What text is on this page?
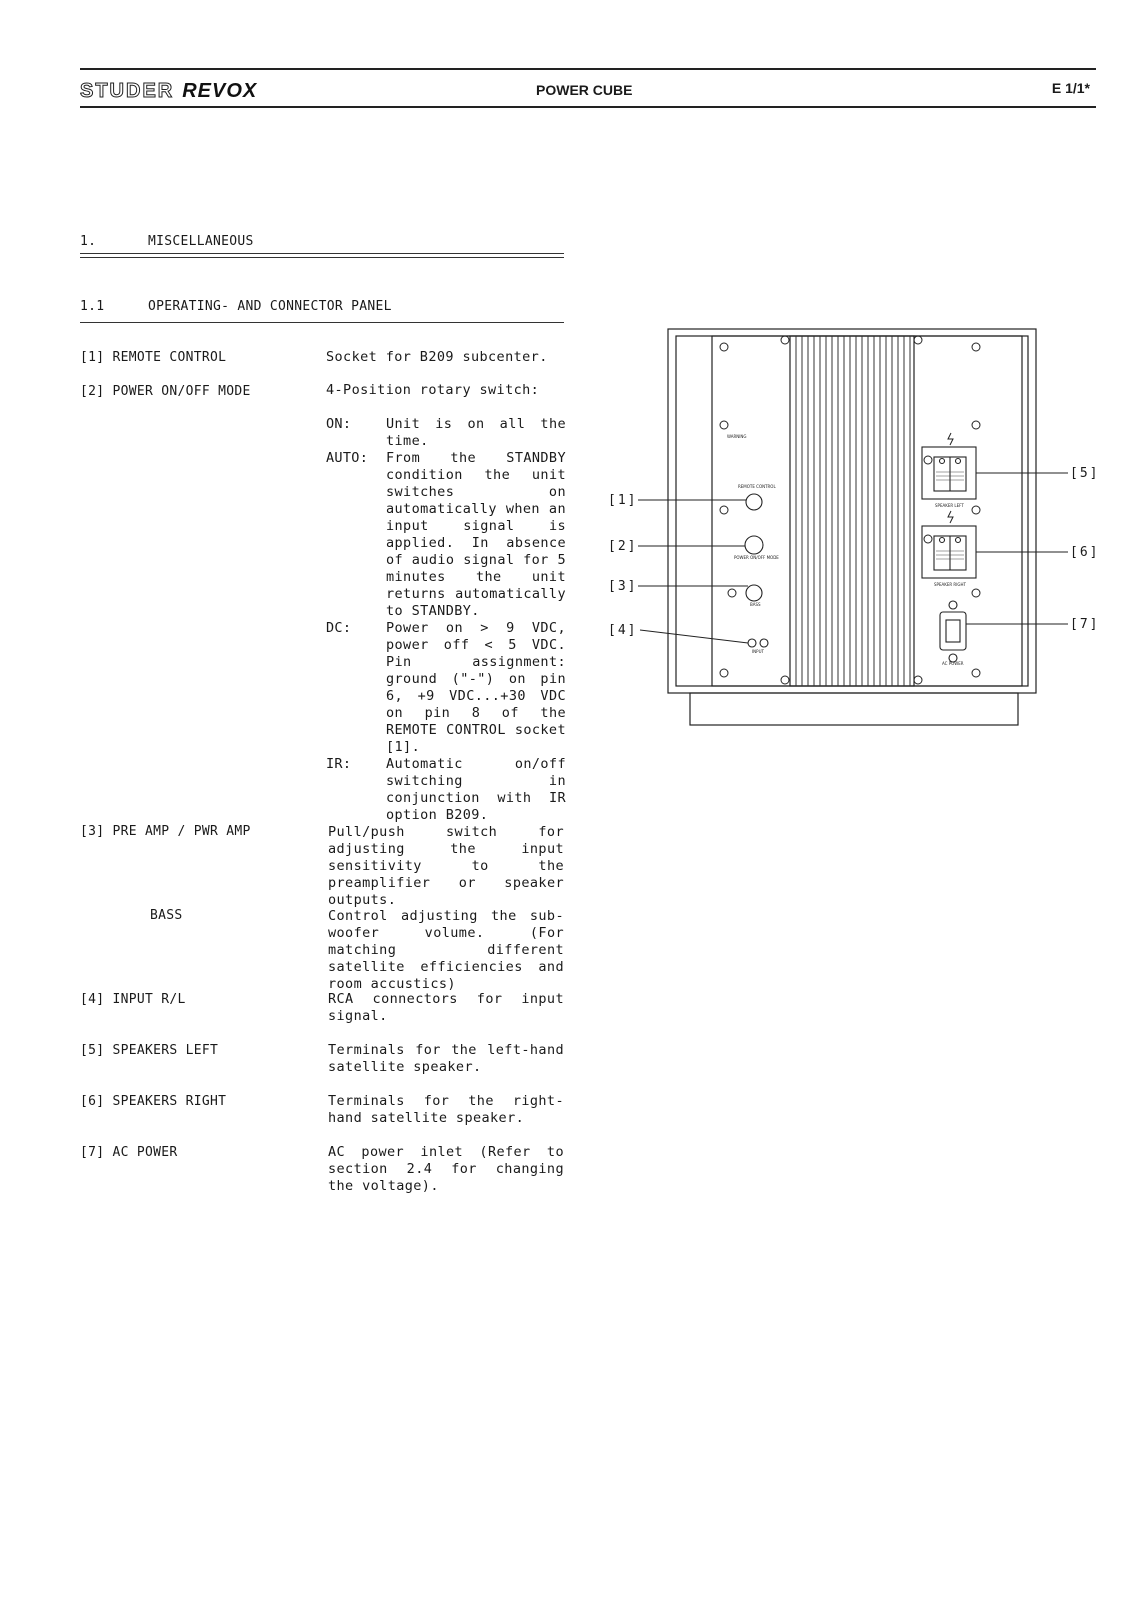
STUDER REVOX	POWER CUBE	E 1/1*
1.	MISCELLANEOUS
1.1	OPERATING- AND CONNECTOR PANEL
[1] REMOTE CONTROL	Socket for B209 subcenter.
[2] POWER ON/OFF MODE	4-Position rotary switch:
ON:	Unit is on all the time.
AUTO: From the STANDBY condition the unit switches on automatically when an input signal is applied. In absence of audio signal for 5 minutes the unit returns automatically to STANDBY.
DC:	Power on > 9 VDC, power off < 5 VDC. Pin assignment: ground ("-") on pin 6, +9 VDC...+30 VDC on pin 8 of the REMOTE CONTROL socket [1].
IR:	Automatic on/off switching in conjunction with IR option B209.
[3] PRE AMP / PWR AMP	Pull/push switch for adjusting the input sensitivity to the preamplifier or speaker outputs.
BASS	Control adjusting the sub-woofer volume. (For matching different satellite efficiencies and room accustics)
[4] INPUT R/L	RCA connectors for input signal.
[5] SPEAKERS LEFT	Terminals for the left-hand satellite speaker.
[6] SPEAKERS RIGHT	Terminals for the right-hand satellite speaker.
[7] AC POWER	AC power inlet (Refer to section 2.4 for changing the voltage).
WARNING
REMOTE CONTROL
POWER ON/OFF MODE
BASS
INPUT
SPEAKER LEFT
SPEAKER RIGHT
AC POWER
[1]
[2]
[3]
[4]
[5]
[6]
[7]
